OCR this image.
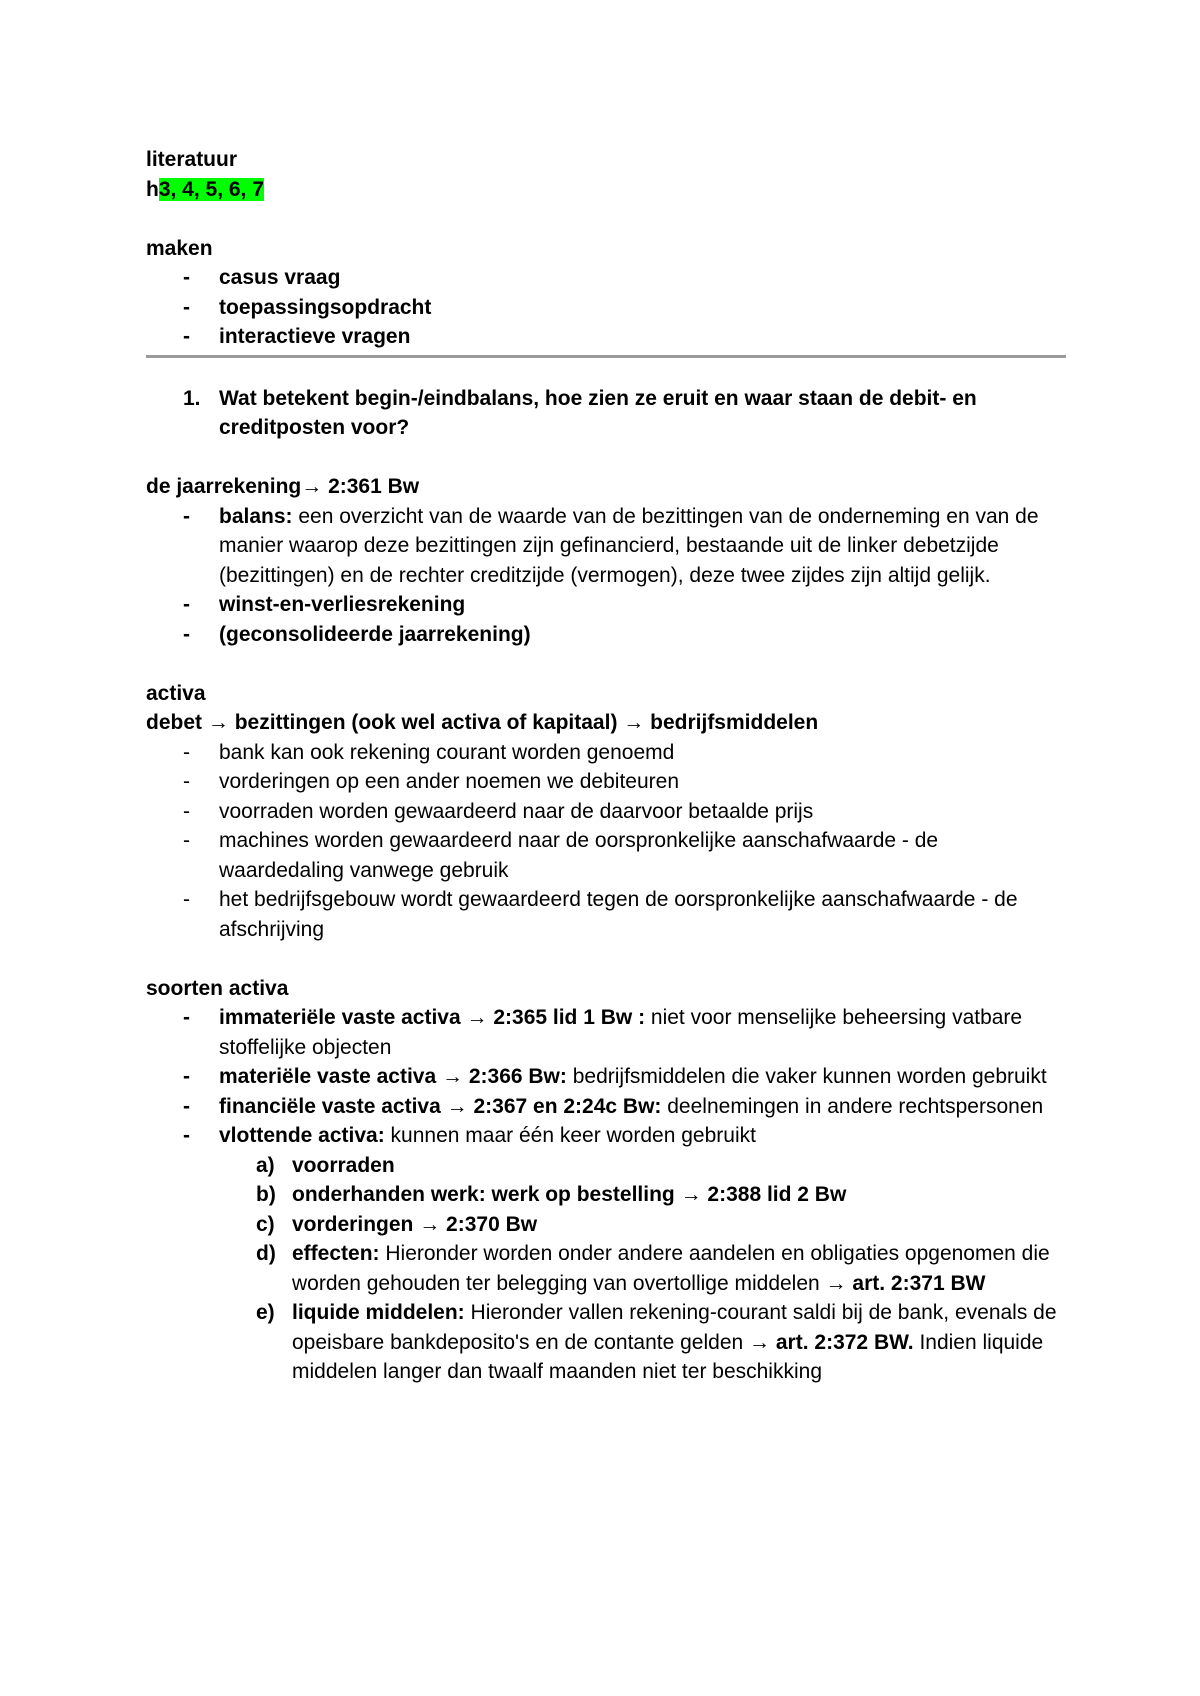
literatuur
h3, 4, 5, 6, 7
maken
- casus vraag
- toepassingsopdracht
- interactieve vragen
1. Wat betekent begin-/eindbalans, hoe zien ze eruit en waar staan de debit- en creditposten voor?
de jaarrekening→ 2:361 Bw
- balans: een overzicht van de waarde van de bezittingen van de onderneming en van de manier waarop deze bezittingen zijn gefinancierd, bestaande uit de linker debetzijde (bezittingen) en de rechter creditzijde (vermogen), deze twee zijdes zijn altijd gelijk.
- winst-en-verliesrekening
- (geconsolideerde jaarrekening)
activa
debet → bezittingen (ook wel activa of kapitaal) → bedrijfsmiddelen
- bank kan ook rekening courant worden genoemd
- vorderingen op een ander noemen we debiteuren
- voorraden worden gewaardeerd naar de daarvoor betaalde prijs
- machines worden gewaardeerd naar de oorspronkelijke aanschafwaarde - de waardedaling vanwege gebruik
- het bedrijfsgebouw wordt gewaardeerd tegen de oorspronkelijke aanschafwaarde - de afschrijving
soorten activa
- immateriële vaste activa → 2:365 lid 1 Bw : niet voor menselijke beheersing vatbare stoffelijke objecten
- materiële vaste activa → 2:366 Bw: bedrijfsmiddelen die vaker kunnen worden gebruikt
- financiële vaste activa → 2:367 en 2:24c Bw: deelnemingen in andere rechtspersonen
- vlottende activa: kunnen maar één keer worden gebruikt
a) voorraden
b) onderhanden werk: werk op bestelling → 2:388 lid 2 Bw
c) vorderingen → 2:370 Bw
d) effecten: Hieronder worden onder andere aandelen en obligaties opgenomen die worden gehouden ter belegging van overtollige middelen → art. 2:371 BW
e) liquide middelen: Hieronder vallen rekening-courant saldi bij de bank, evenals de opeisbare bankdeposito's en de contante gelden → art. 2:372 BW. Indien liquide middelen langer dan twaalf maanden niet ter beschikking
